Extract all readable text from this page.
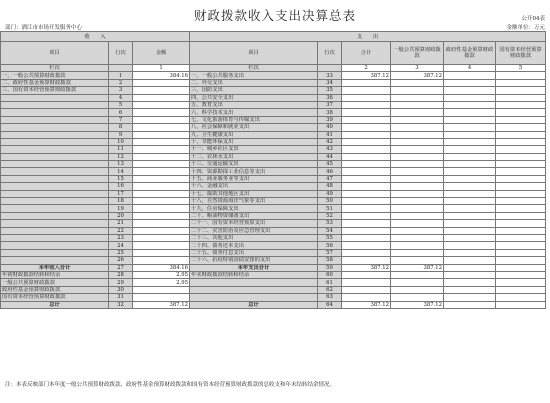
财政拨款收入支出决算总表	公开04表
部门：洒江市市场开发服务中心	金额单位：万元
收　　入			支　　出					
项目	行次	金额	项目	行次	合计	一般公共预算财政拨款	政府性基金预算财政拨款	国有资本经营预算财政拨款
栏次		1	栏次		2	3	4	5
一、一般公共预算财政拨款	1	384.16	一、一般公共服务支出	33	387.12	387.12		
二、政府性基金预算财政拨款	2		二、外交支出	34				
三、国有资本经营预算财政拨款	3		三、国防支出	35				
	4		四、公共安全支出	36				
	5		五、教育支出	37				
	6		六、科学技术支出	38				
	7		七、文化旅游体育与传媒支出	39				
	8		八、社会保障和就业支出	40				
	9		九、卫生健康支出	41				
	10		十、节能环保支出	42				
	11		十一、城乡社区支出	43				
	12		十二、农林水支出	44				
	13		十三、交通运输支出	45				
	14		十四、资源勘探工业信息等支出	46				
	15		十五、商业服务业等支出	47				
	16		十六、金融支出	48				
	17		十七、援助其他地区支出	49				
	18		十八、自然资源海洋气象等支出	50				
	19		十九、住房保障支出	51				
	20		二十、粮油物资储备支出	52				
	21		二十一、国有资本经营预算支出	53				
	22		二十二、灾害防治及应急管理支出	54				
	23		二十三、其他支出	55				
	24		二十四、债务还本支出	56				
	25		二十五、债务付息支出	57				
	26		二十六、抗疫特别国债安排的支出	58				
本年收入合计	27	384.16	本年支出合计	59	387.12	387.12		
年初财政拨款结转和结余	28	2.95	年末财政拨款结转和结余	60				
一般公共预算财政拨款	29	2.95		61				
政府性基金预算财政拨款	30			62				
国有资本经营预算财政拨款	31			63				
总计	32	387.12	总计	64	387.12	387.12		
注：本表反映部门本年度一般公共预算财政拨款、政府性基金预算财政拨款和国有资本经营预算财政拨款的总收支和年末结转结余情况。
